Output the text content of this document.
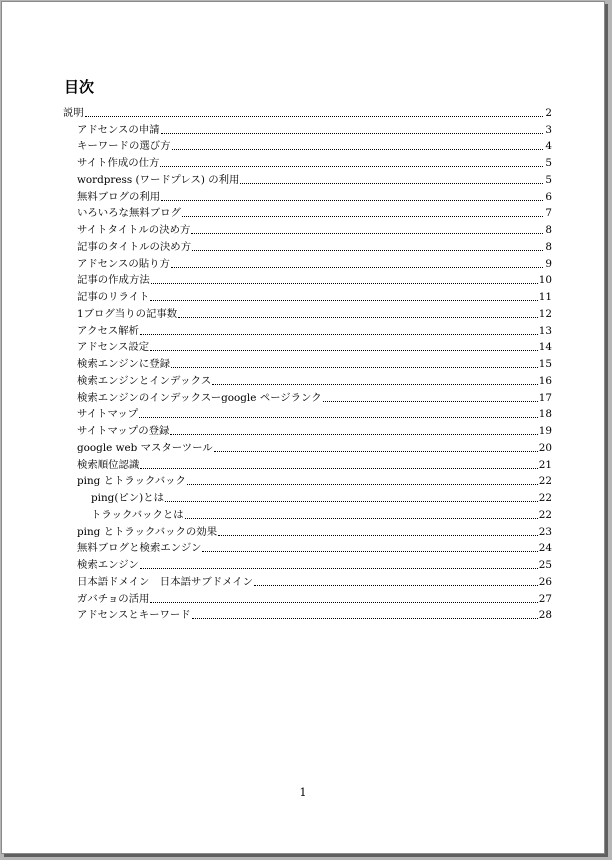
目次
説明	2
アドセンスの申請	3
キーワードの選び方	4
サイト作成の仕方	5
wordpress (ワードプレス) の利用	5
無料ブログの利用	6
いろいろな無料ブログ	7
サイトタイトルの決め方	8
記事のタイトルの決め方	8
アドセンスの貼り方	9
記事の作成方法	10
記事のリライト	11
1ブログ当りの記事数	12
アクセス解析	13
アドセンス設定	14
検索エンジンに登録	15
検索エンジンとインデックス	16
検索エンジンのインデックスーgoogle ページランク	17
サイトマップ	18
サイトマップの登録	19
google web マスターツール	20
検索順位認識	21
ping とトラックバック	22
ping(ピン)とは	22
トラックバックとは	22
ping とトラックバックの効果	23
無料ブログと検索エンジン	24
検索エンジン	25
日本語ドメイン　日本語サブドメイン	26
ガバチョの活用	27
アドセンスとキーワード	28
1
